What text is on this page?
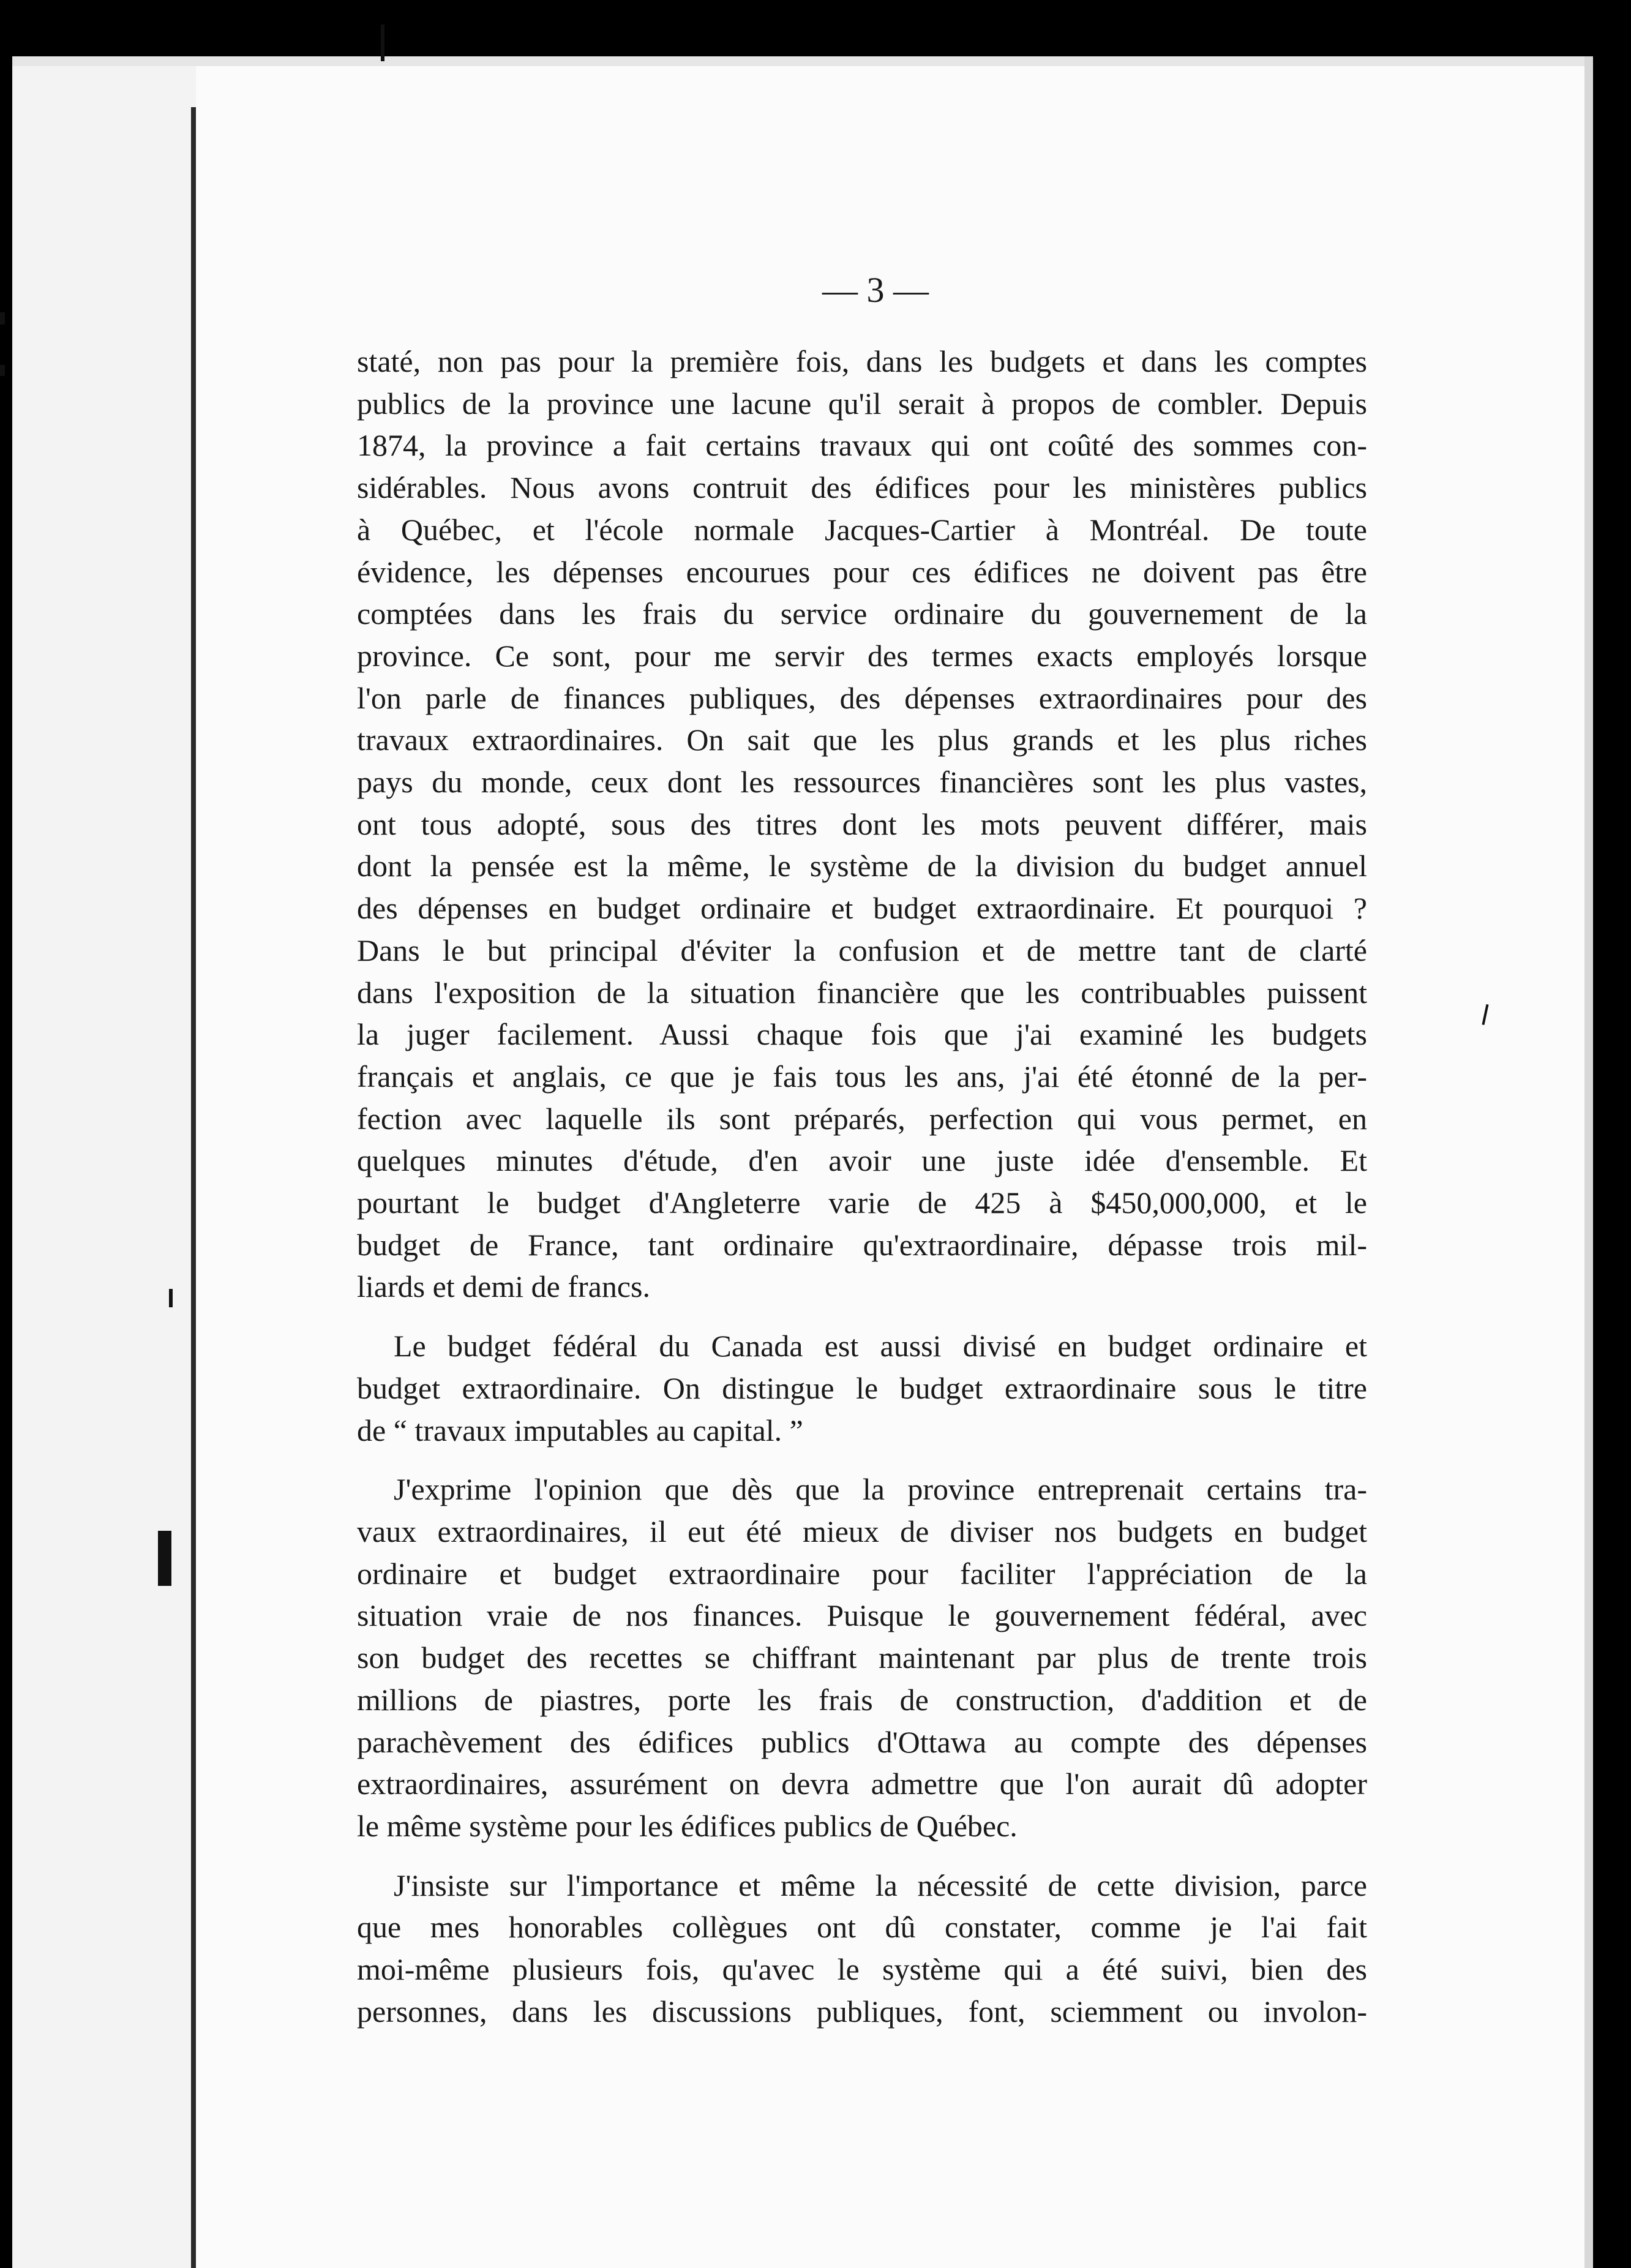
— 3 —
staté, non pas pour la première fois, dans les budgets et dans les comptes
publics de la province une lacune qu'il serait à propos de combler. Depuis
1874, la province a fait certains travaux qui ont coûté des sommes con-
sidérables. Nous avons contruit des édifices pour les ministères publics
à Québec, et l'école normale Jacques-Cartier à Montréal. De toute
évidence, les dépenses encourues pour ces édifices ne doivent pas être
comptées dans les frais du service ordinaire du gouvernement de la
province. Ce sont, pour me servir des termes exacts employés lorsque
l'on parle de finances publiques, des dépenses extraordinaires pour des
travaux extraordinaires. On sait que les plus grands et les plus riches
pays du monde, ceux dont les ressources financières sont les plus vastes,
ont tous adopté, sous des titres dont les mots peuvent différer, mais
dont la pensée est la même, le système de la division du budget annuel
des dépenses en budget ordinaire et budget extraordinaire. Et pourquoi ?
Dans le but principal d'éviter la confusion et de mettre tant de clarté
dans l'exposition de la situation financière que les contribuables puissent
la juger facilement. Aussi chaque fois que j'ai examiné les budgets
français et anglais, ce que je fais tous les ans, j'ai été étonné de la per-
fection avec laquelle ils sont préparés, perfection qui vous permet, en
quelques minutes d'étude, d'en avoir une juste idée d'ensemble. Et
pourtant le budget d'Angleterre varie de 425 à $450,000,000, et le
budget de France, tant ordinaire qu'extraordinaire, dépasse trois mil-
liards et demi de francs.
Le budget fédéral du Canada est aussi divisé en budget ordinaire et
budget extraordinaire. On distingue le budget extraordinaire sous le titre
de “ travaux imputables au capital. ”
J'exprime l'opinion que dès que la province entreprenait certains tra-
vaux extraordinaires, il eut été mieux de diviser nos budgets en budget
ordinaire et budget extraordinaire pour faciliter l'appréciation de la
situation vraie de nos finances. Puisque le gouvernement fédéral, avec
son budget des recettes se chiffrant maintenant par plus de trente trois
millions de piastres, porte les frais de construction, d'addition et de
parachèvement des édifices publics d'Ottawa au compte des dépenses
extraordinaires, assurément on devra admettre que l'on aurait dû adopter
le même système pour les édifices publics de Québec.
J'insiste sur l'importance et même la nécessité de cette division, parce
que mes honorables collègues ont dû constater, comme je l'ai fait
moi-même plusieurs fois, qu'avec le système qui a été suivi, bien des
personnes, dans les discussions publiques, font, sciemment ou involon-
